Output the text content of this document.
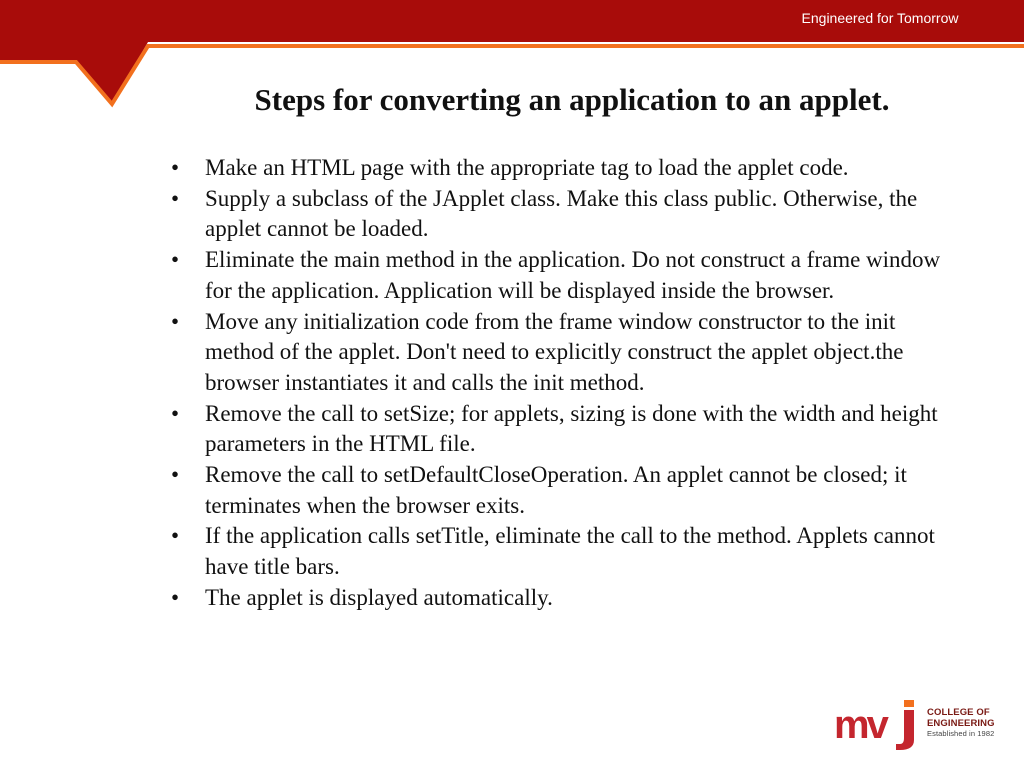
Engineered for Tomorrow
Steps for converting an application to an applet.
• Make an HTML page with the appropriate tag to load the applet code.
• Supply a subclass of the JApplet class. Make this class public. Otherwise, the applet cannot be loaded.
• Eliminate the main method in the application. Do not construct a frame window for the application. Application will be displayed inside the browser.
• Move any initialization code from the frame window constructor to the init method of the applet. Don't need to explicitly construct the applet object.the browser instantiates it and calls the init method.
• Remove the call to setSize; for applets, sizing is done with the width and height parameters in the HTML file.
• Remove the call to setDefaultCloseOperation. An applet cannot be closed; it terminates when the browser exits.
• If the application calls setTitle, eliminate the call to the method. Applets cannot have title bars.
• The applet is displayed automatically.
mv	COLLEGE OF
ENGINEERING
Established in 1982
